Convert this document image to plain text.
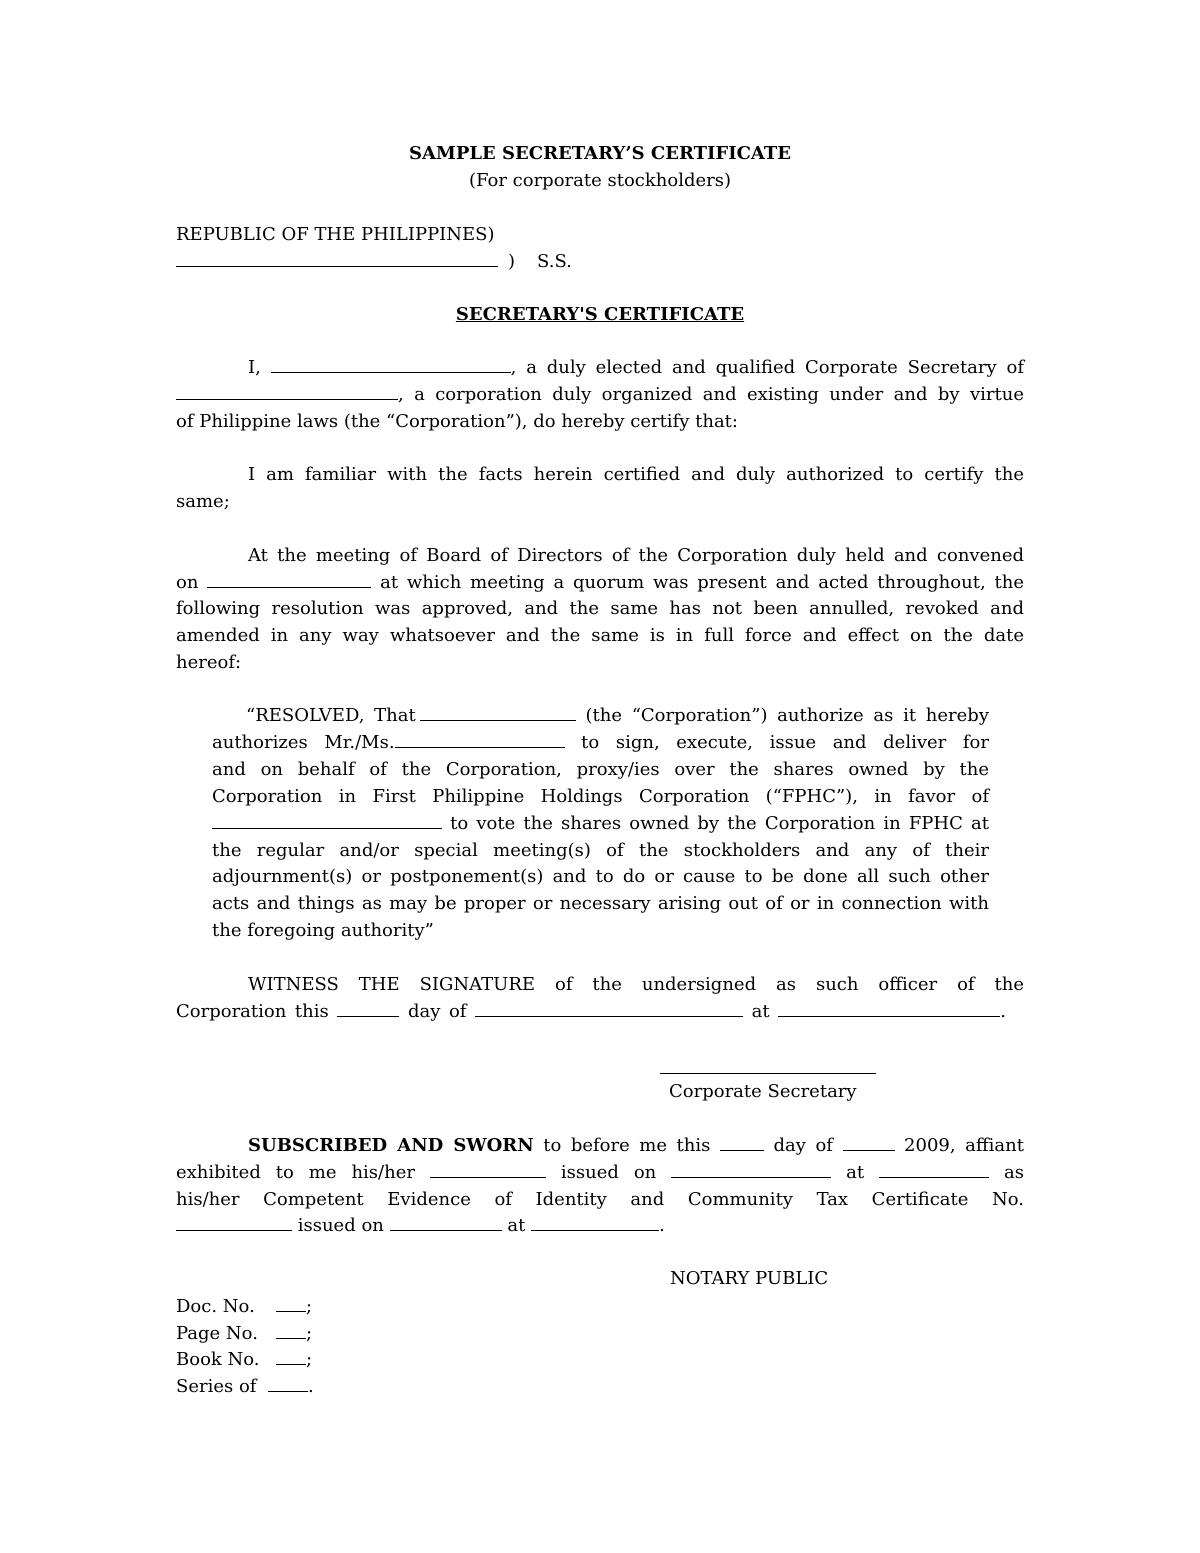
SAMPLE SECRETARY’S CERTIFICATE
(For corporate stockholders)
REPUBLIC OF THE PHILIPPINES)
) S.S.
SECRETARY'S CERTIFICATE
I,	, a duly elected and qualified Corporate Secretary of
, a corporation duly organized and existing under and by virtue
of Philippine laws (the “Corporation”), do hereby certify that:
I am familiar with the facts herein certified and duly authorized to certify the
same;
At the meeting of Board of Directors of the Corporation duly held and convened
on	at which meeting a quorum was present and acted throughout, the
following resolution was approved, and the same has not been annulled, revoked and
amended in any way whatsoever and the same is in full force and effect on the date
hereof:
“RESOLVED, That	(the “Corporation”) authorize as it hereby
authorizes Mr./Ms.	to sign, execute, issue and deliver for
and on behalf of the Corporation, proxy/ies over the shares owned by the
Corporation in First Philippine Holdings Corporation (“FPHC”), in favor of
to vote the shares owned by the Corporation in FPHC at
the regular and/or special meeting(s) of the stockholders and any of their
adjournment(s) or postponement(s) and to do or cause to be done all such other
acts and things as may be proper or necessary arising out of or in connection with
the foregoing authority”
WITNESS THE SIGNATURE of the undersigned as such officer of the
Corporation this	day of	at	.
Corporate Secretary
SUBSCRIBED AND SWORN to before me this	day of	2009, affiant
exhibited to me his/her	issued on	at	as
his/her Competent Evidence of Identity and Community Tax Certificate No.
issued on	at	.
NOTARY PUBLIC
Doc. No.	;
Page No.	;
Book No.	;
Series of	.
